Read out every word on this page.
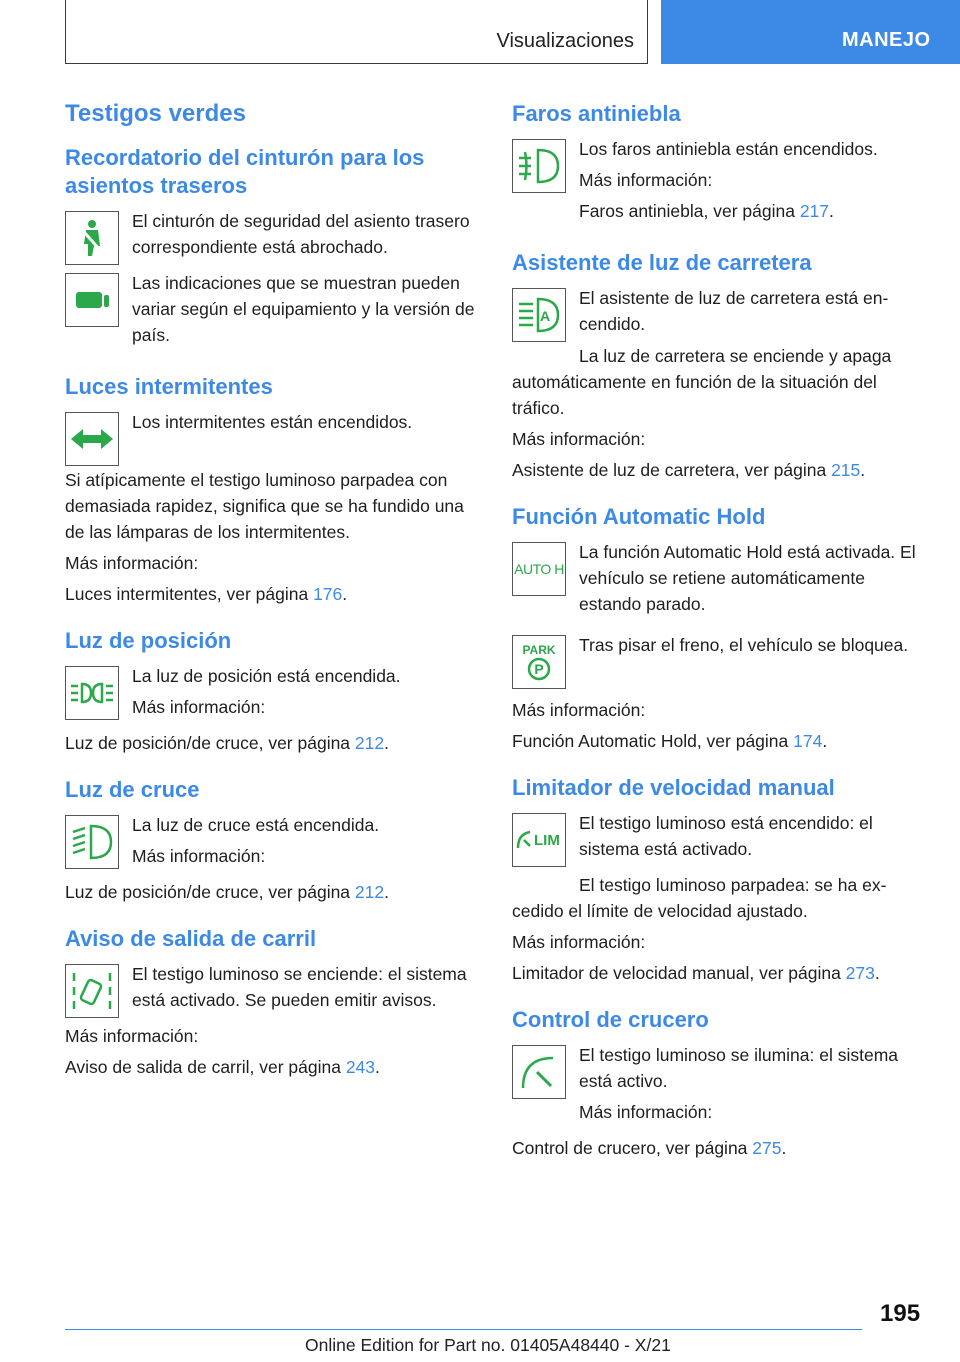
Visualizaciones	MANEJO
Testigos verdes
Recordatorio del cinturón para los asientos traseros

El cinturón de seguridad del asiento trasero correspondiente está abrochado.

Las indicaciones que se muestran pueden variar según el equipamiento y la versión de país.

Luces intermitentes

Los intermitentes están encendidos.

Si atípicamente el testigo luminoso parpadea con demasiada rapidez, significa que se ha fundido una de las lámparas de los intermitentes.

Más información:

Luces intermitentes, ver página 176.

Luz de posición

La luz de posición está encendida.

Más información:

Luz de posición/de cruce, ver página 212.

Luz de cruce

La luz de cruce está encendida.

Más información:

Luz de posición/de cruce, ver página 212.

Aviso de salida de carril

El testigo luminoso se enciende: el sistema está activado. Se pueden emitir avisos.

Más información:

Aviso de salida de carril, ver página 243.

Faros antiniebla

Los faros antiniebla están encendidos.

Más información:

Faros antiniebla, ver página 217.

Asistente de luz de carretera
A

El asistente de luz de carretera está encendido.

La luz de carretera se enciende y apaga automáticamente en función de la situación del tráfico.

Más información:

Asistente de luz de carretera, ver página 215.

Función Automatic Hold
AUTO H

La función Automatic Hold está activada. El vehículo se retiene automáticamente estando parado.

PARK
P

Tras pisar el freno, el vehículo se bloquea.

Más información:

Función Automatic Hold, ver página 174.

Limitador de velocidad manual
LIM

El testigo luminoso está encendido: el sistema está activado.

El testigo luminoso parpadea: se ha excedido el límite de velocidad ajustado.

Más información:

Limitador de velocidad manual, ver página 273.

Control de crucero

El testigo luminoso se ilumina: el sistema está activo.

Más información:

Control de crucero, ver página 275.

195
Online Edition for Part no. 01405A48440 - X/21
